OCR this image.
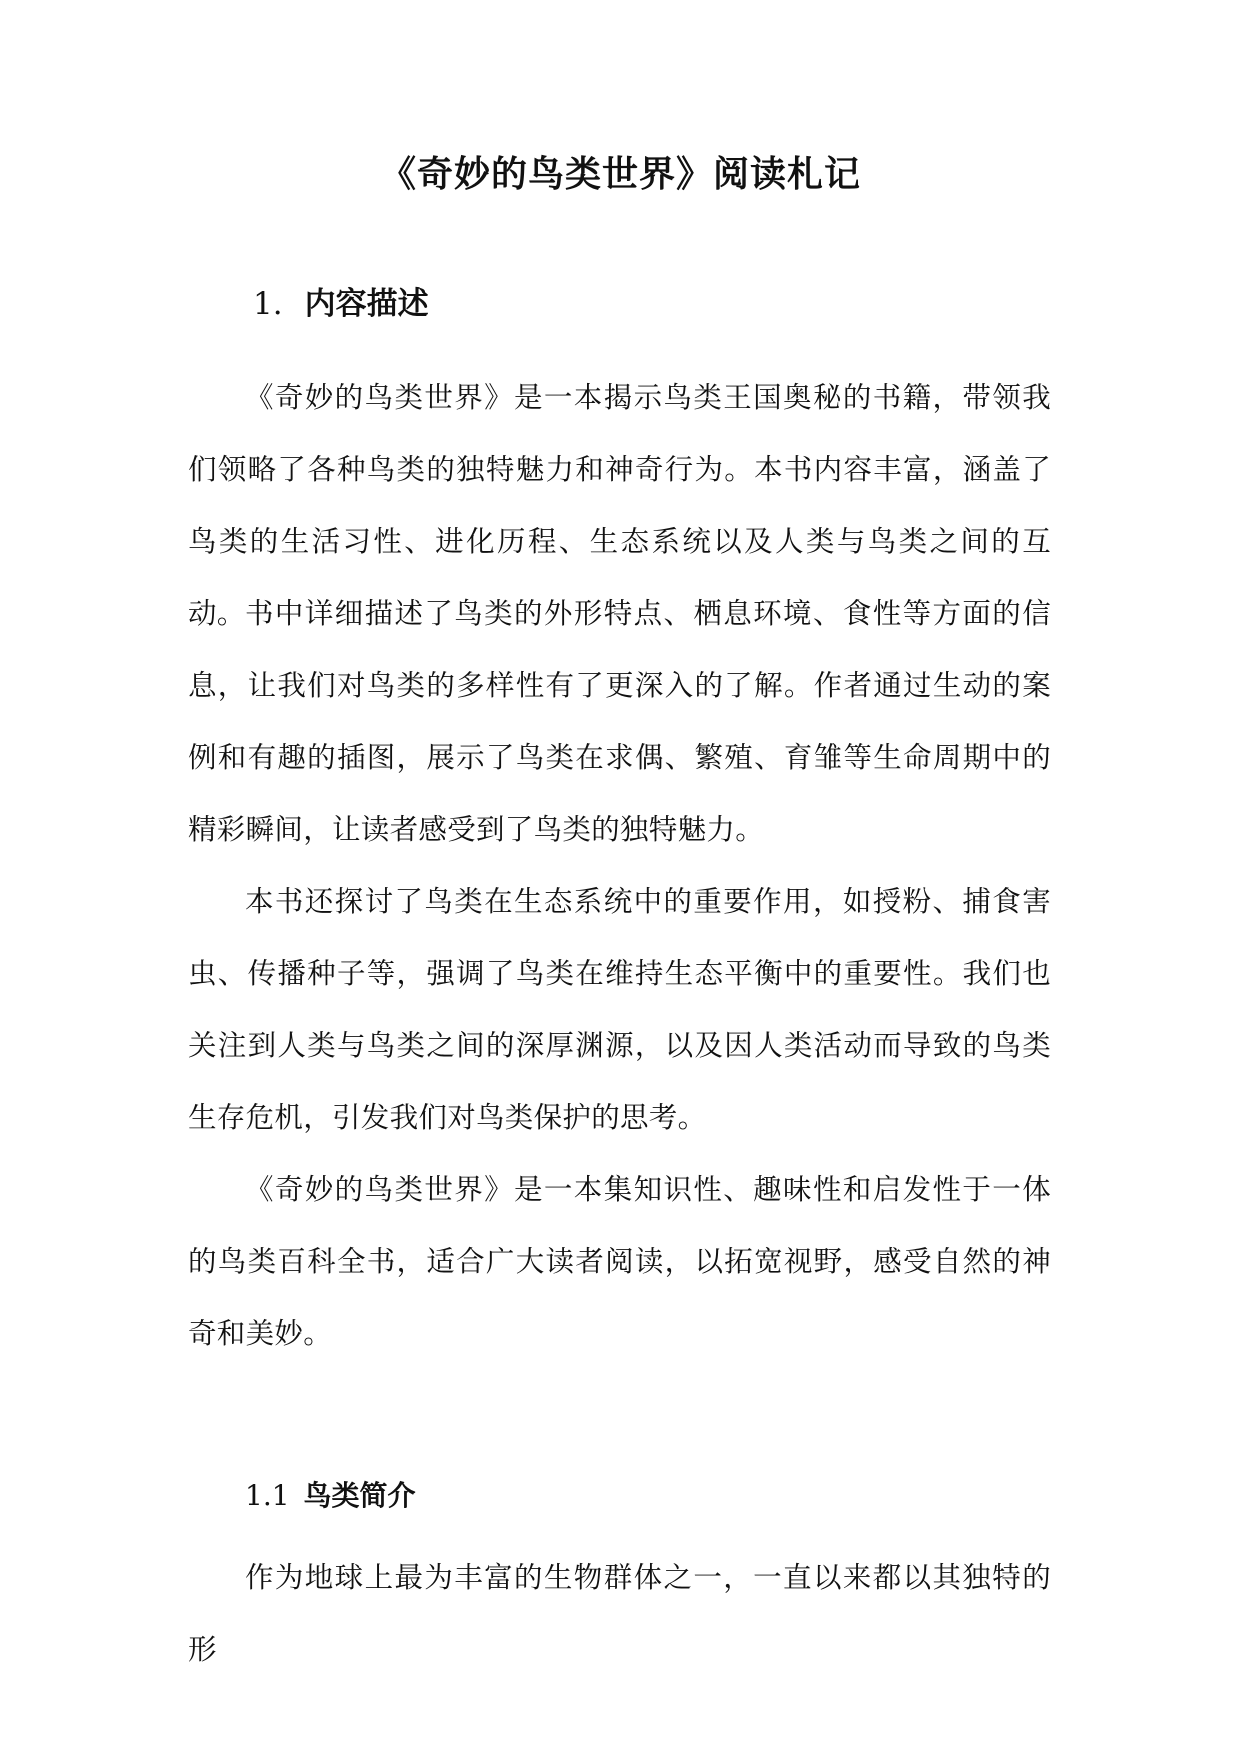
《奇妙的鸟类世界》阅读札记
1. 内容描述

《奇妙的鸟类世界》是一本揭示鸟类王国奥秘的书籍，带领我们领略了各种鸟类的独特魅力和神奇行为。本书内容丰富，涵盖了鸟类的生活习性、进化历程、生态系统以及人类与鸟类之间的互动。 书中详细描述了鸟类的外形特点、栖息环境、食性等方面的信息，让我们对鸟类的多样性有了更深入的了解。作者通过生动的案例和有趣的插图，展示了鸟类在求偶、繁殖、育雏等生命周期中的精彩瞬间，让读者感受到了鸟类的独特魅力。

本书还探讨了鸟类在生态系统中的重要作用，如授粉、捕食害虫、传播种子等，强调了鸟类在维持生态平衡中的重要性。我们也关注到人类与鸟类之间的深厚渊源，以及因人类活动而导致的鸟类生存危机，引发我们对鸟类保护的思考。

《奇妙的鸟类世界》是一本集知识性、趣味性和启发性于一体的鸟类百科全书，适合广大读者阅读，以拓宽视野，感受自然的神奇和美妙。

1.1 鸟类简介

作为地球上最为丰富的生物群体之一，一直以来都以其独特的形
